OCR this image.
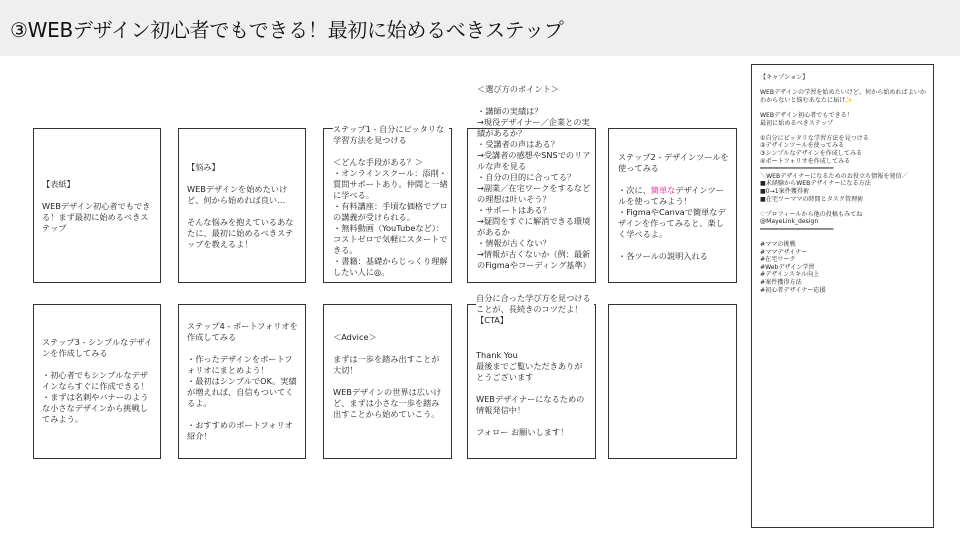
③WEBデザイン初心者でもできる！最初に始めるべきステップ

【表紙】

WEBデザイン初心者でもできる！まず最初に始めるべきステップ

【悩み】

WEBデザインを始めたいけど、何から始めれば良い…

そんな悩みを抱えているあなたに、最初に始めるべきステップを教えるよ！

ステップ1 - 自分にピッタリな学習方法を見つける

＜どんな手段がある？＞
・オンラインスクール：添削・質問サポートあり。仲間と一緒に学べる。
・有料講座：手頃な価格でプロの講義が受けられる。
・無料動画（YouTubeなど）：コストゼロで気軽にスタートできる。
・書籍：基礎からじっくり理解したい人に◎。

＜選び方のポイント＞

・講師の実績は？
→現役デザイナー／企業との実績があるか？
・受講者の声はある？
→受講者の感想やSNSでのリアルな声を見る
・自分の目的に合ってる？
→副業／在宅ワークをするなどの理想は叶いそう？
・サポートはある？
→疑問をすぐに解消できる環境があるか
・情報が古くない？
→情報が古くないか（例：最新のFigmaやコーディング基準）

ステップ2 - デザインツールを使ってみる

・次に、簡単なデザインツールを使ってみよう！
・FigmaやCanvaで簡単なデザインを作ってみると、楽しく学べるよ。

・各ツールの説明入れる

ステップ3 - シンプルなデザインを作成してみる

・初心者でもシンプルなデザインならすぐに作成できる！
・まずは名刺やバナーのような小さなデザインから挑戦してみよう。

ステップ4 - ポートフォリオを作成してみる

・作ったデザインをポートフォリオにまとめよう！
・最初はシンプルでOK。実績が増えれば、自信もついてくるよ。

・おすすめのポートフォリオ紹介！

＜Advice＞

まずは一歩を踏み出すことが大切！

WEBデザインの世界は広いけど、まずは小さな一歩を踏み出すことから始めていこう。

Thank You
最後までご覧いただきありがとうございます

WEBデザイナーになるための情報発信中！

フォロー お願いします！

自分に合った学び方を見つけることが、長続きのコツだよ！
【CTA】

【キャプション】

WEBデザインの学習を始めたいけど、何から始めればよいかわからないと悩むあなたに届け✨

WEBデザイン初心者でもできる！
最初に始めるべきステップ

①自分にピッタリな学習方法を見つける
②デザインツールを使ってみる
③シンプルなデザインを作成してみる
④ポートフォリオを作成してみる
━━━━━━━━━━━━━━━━━━━━
＼WEBデザイナーになるためのお役立ち情報を発信／
■未経験からWEBデザイナーになる方法
■0→1案件獲得術
■在宅ワーママの時間とタスク管理術

♡プロフィールから他の投稿もみてね
@MayeLink_design
━━━━━━━━━━━━━━━━━━━━

#ママの挑戦
#ママデザイナー
#在宅ワーク
#Webデザイン学習
#デザインスキル向上
#案件獲得方法
#初心者デザイナー応援
